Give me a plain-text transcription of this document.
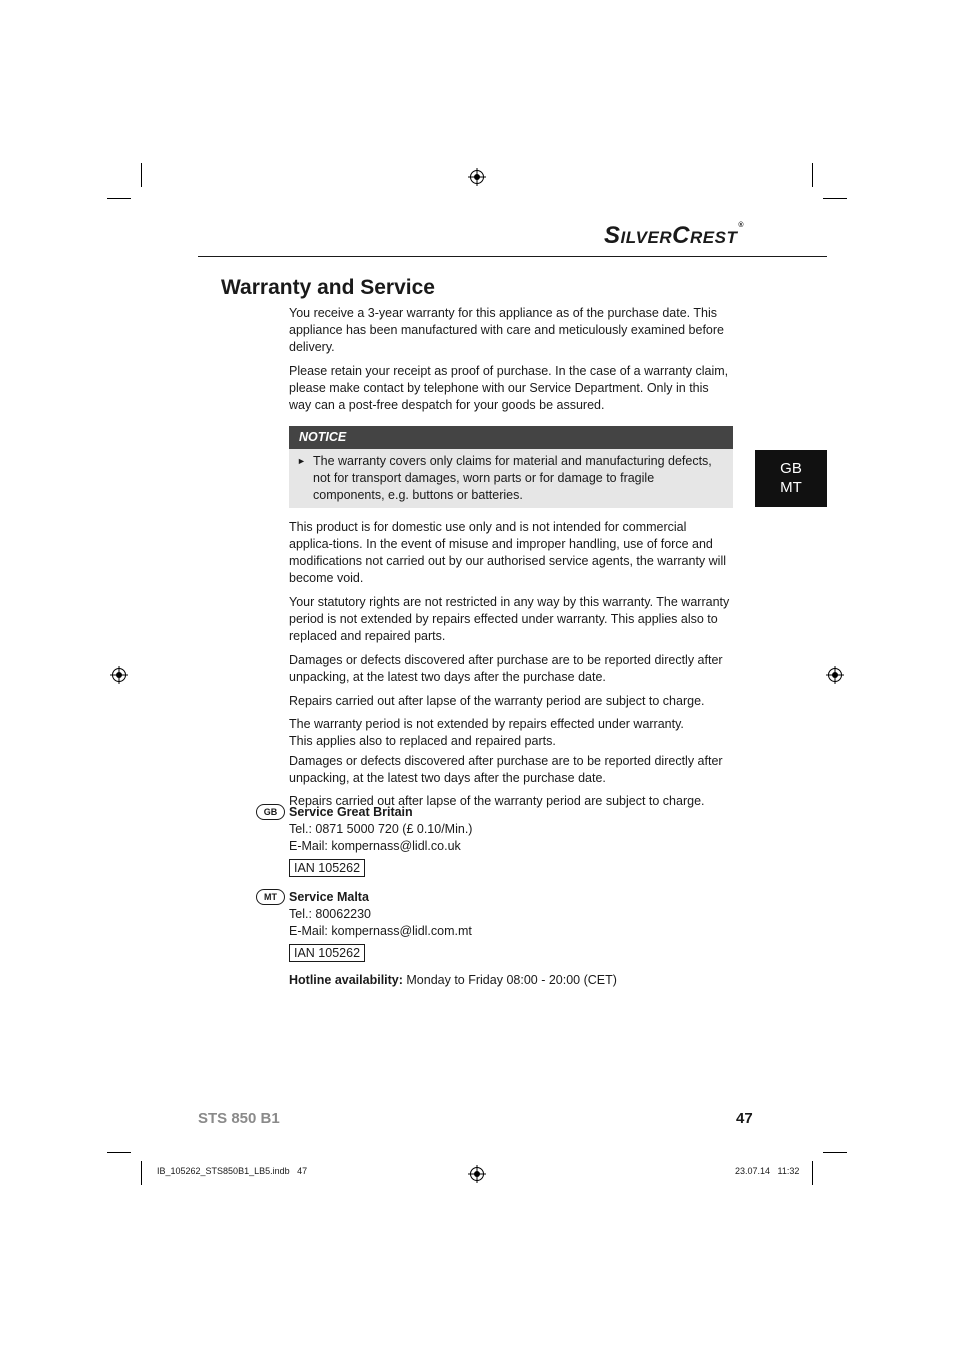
SILVERCREST®
Warranty and Service

You receive a 3-year warranty for this appliance as of the purchase date. This appliance has been manufactured with care and meticulously examined before delivery.

Please retain your receipt as proof of purchase. In the case of a warranty claim, please make contact by telephone with our Service Department. Only in this way can a post-free despatch for your goods be assured.

NOTICE
► The warranty covers only claims for material and manufacturing defects, not for transport damages, worn parts or for damage to fragile components, e.g. buttons or batteries.
GB
MT

This product is for domestic use only and is not intended for commercial applica-tions. In the event of misuse and improper handling, use of force and modifications not carried out by our authorised service agents, the warranty will become void.

Your statutory rights are not restricted in any way by this warranty. The warranty period is not extended by repairs effected under warranty. This applies also to replaced and repaired parts.

Damages or defects discovered after purchase are to be reported directly after unpacking, at the latest two days after the purchase date.

Repairs carried out after lapse of the warranty period are subject to charge.

The warranty period is not extended by repairs effected under warranty.

This applies also to replaced and repaired parts.

Damages or defects discovered after purchase are to be reported directly after unpacking, at the latest two days after the purchase date.

Repairs carried out after lapse of the warranty period are subject to charge.

GB Service Great Britain
Tel.: 0871 5000 720 (£ 0.10/Min.)
E-Mail: kompernass@lidl.co.uk
IAN 105262
MT Service Malta
Tel.: 80062230
E-Mail: kompernass@lidl.com.mt
IAN 105262
Hotline availability: Monday to Friday 08:00 - 20:00 (CET)
STS 850 B1	47
IB_105262_STS850B1_LB5.indb   47	23.07.14   11:32
